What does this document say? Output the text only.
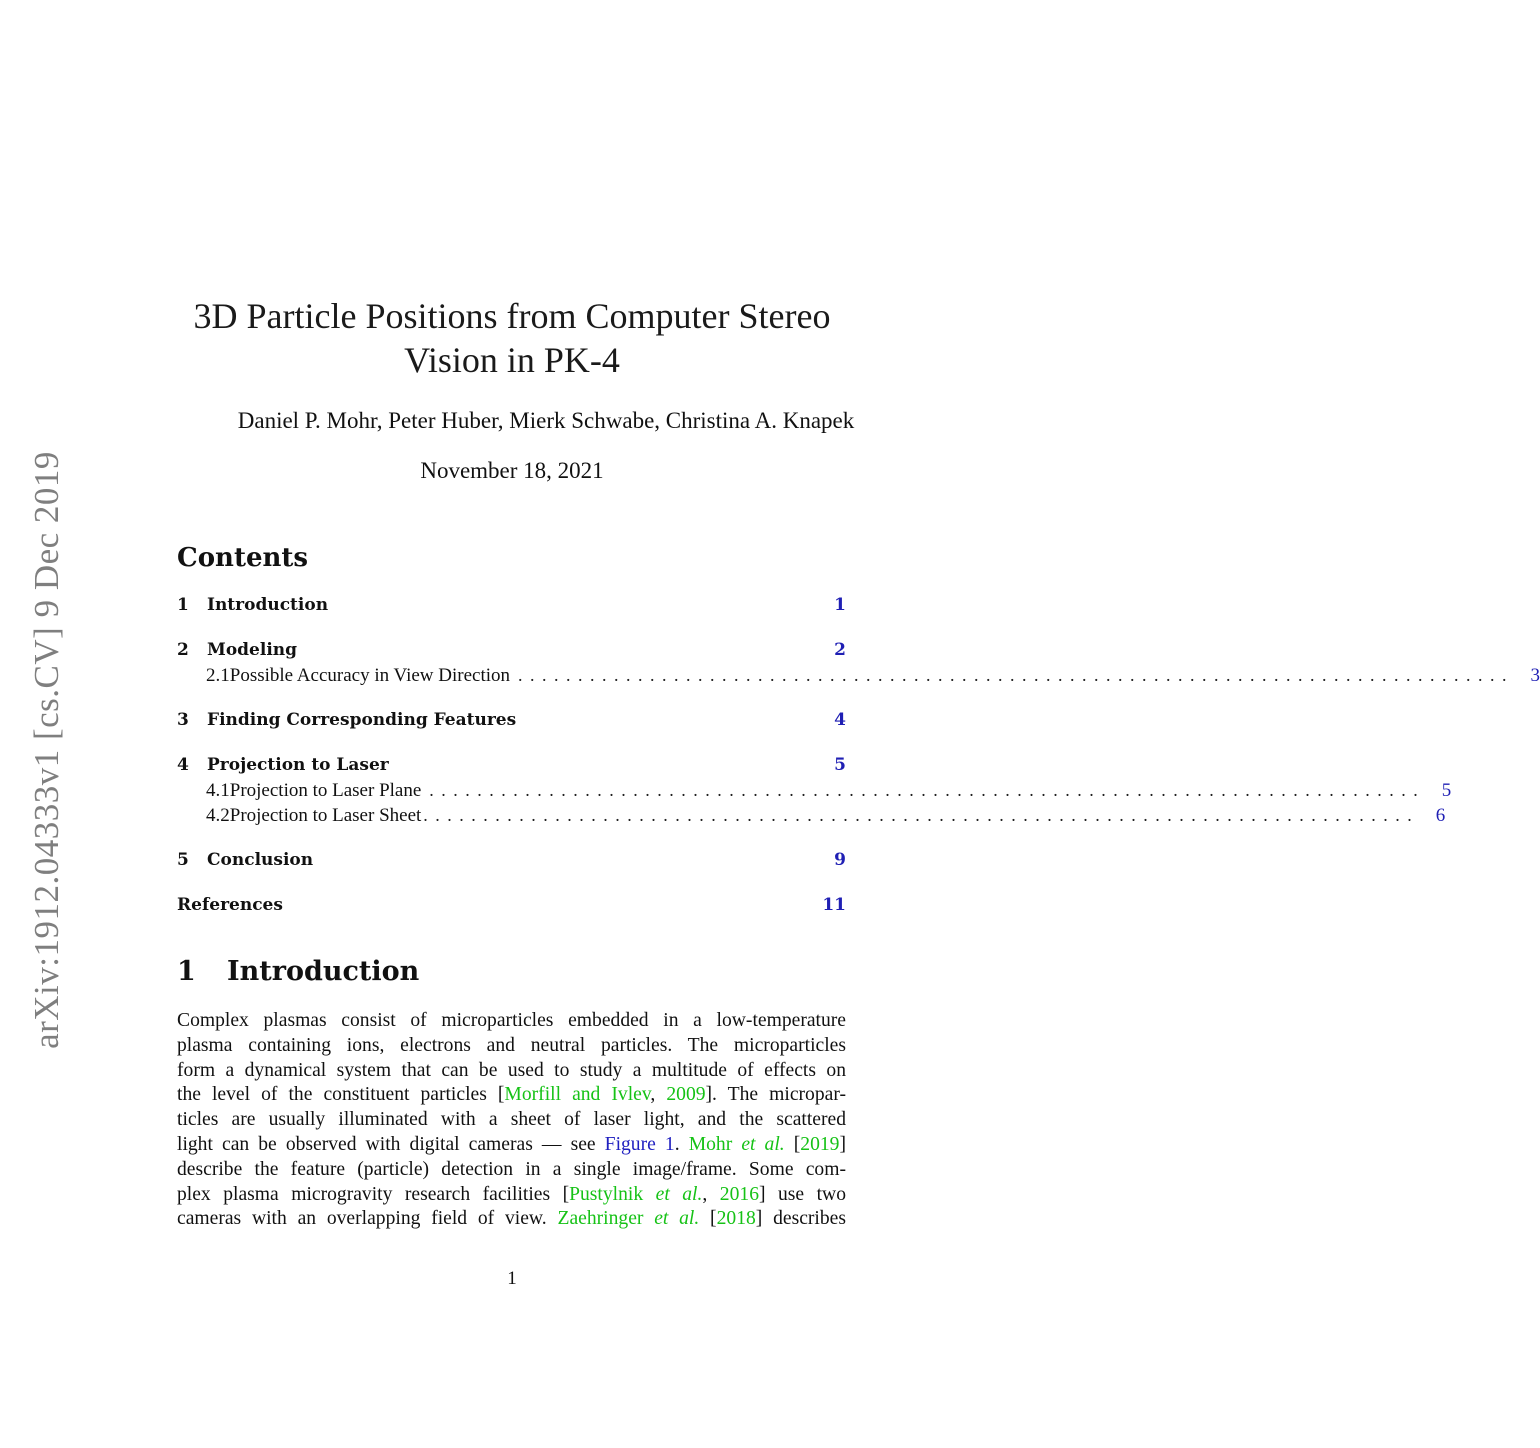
arXiv:1912.04333v1 [cs.CV] 9 Dec 2019
3D Particle Positions from Computer Stereo
Vision in PK-4
Daniel P. Mohr, Peter Huber, Mierk Schwabe, Christina A. Knapek
November 18, 2021
Contents
1	Introduction	1
2	Modeling	2
2.1 Possible Accuracy in View Direction ................................................................................... 3
3	Finding Corresponding Features	4
4	Projection to Laser	5
4.1 Projection to Laser Plane ................................................................................... 5
4.2 Projection to Laser Sheet ................................................................................... 6
5	Conclusion	9
References	11
1 Introduction
Complex plasmas consist of microparticles embedded in a low-temperature
plasma containing ions, electrons and neutral particles. The microparticles
form a dynamical system that can be used to study a multitude of effects on
the level of the constituent particles [Morfill and Ivlev, 2009]. The micropar-
ticles are usually illuminated with a sheet of laser light, and the scattered
light can be observed with digital cameras — see Figure 1. Mohr et al. [2019]
describe the feature (particle) detection in a single image/frame. Some com-
plex plasma microgravity research facilities [Pustylnik et al., 2016] use two
cameras with an overlapping field of view. Zaehringer et al. [2018] describes
1
